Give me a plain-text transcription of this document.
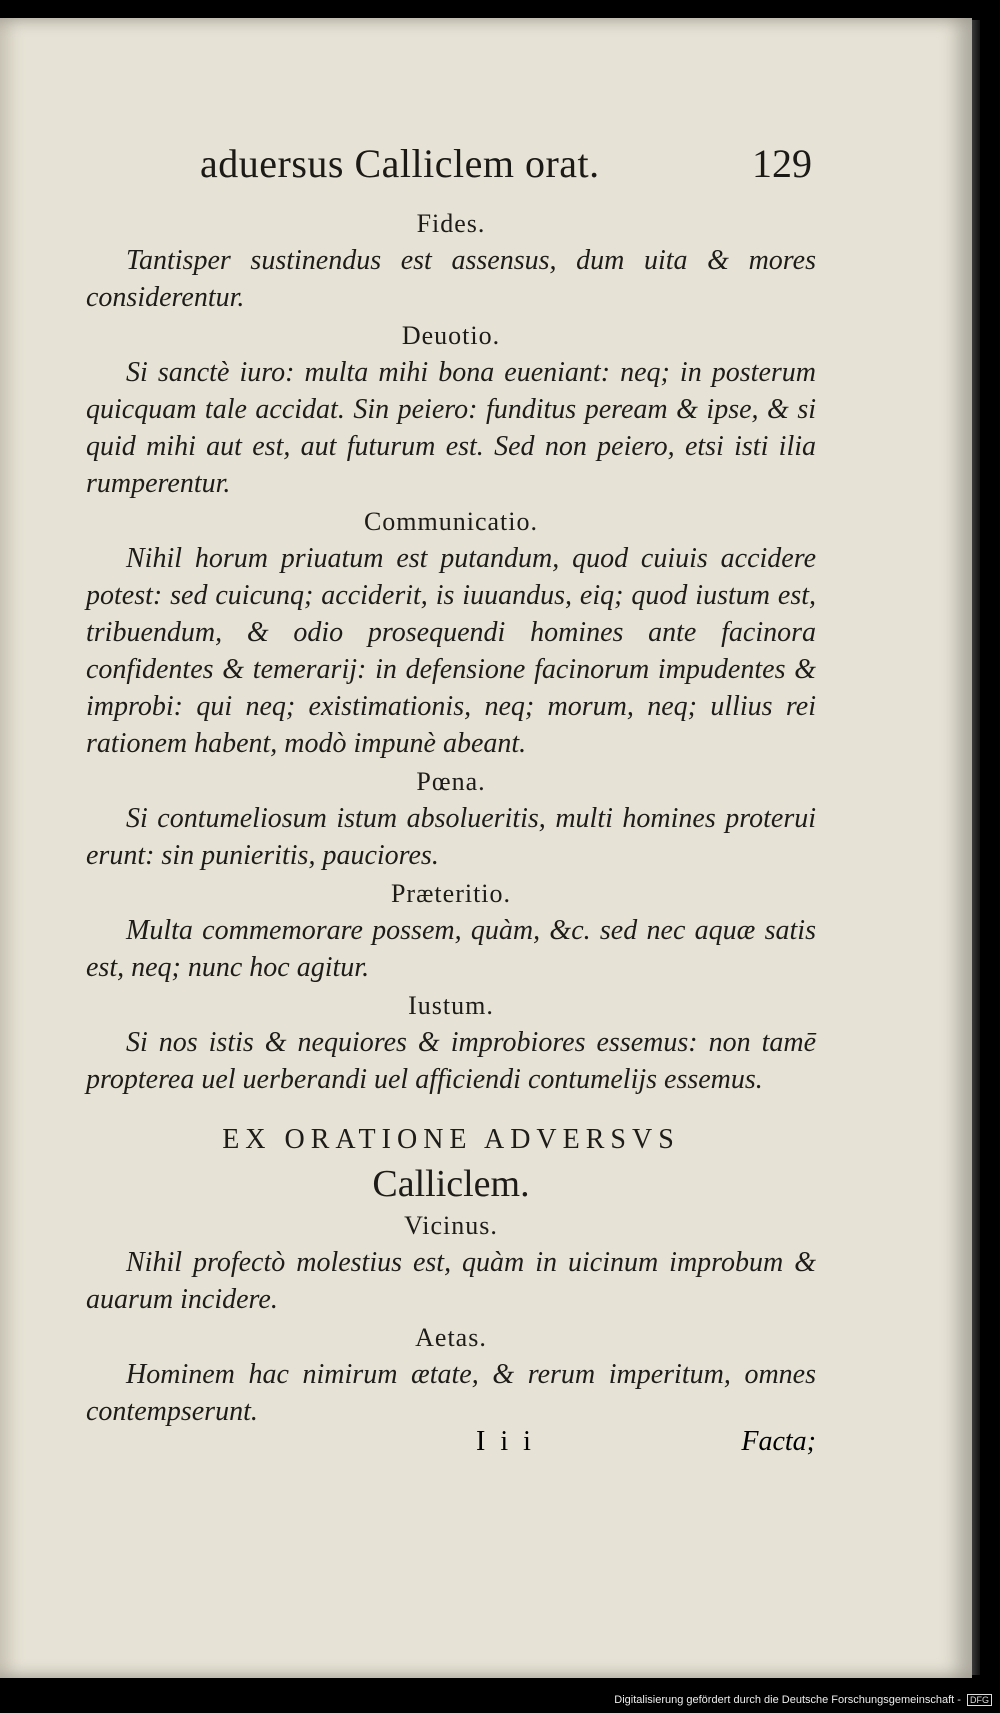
aduersus Calliclem orat.	129

Fides.

Tantisper sustinendus est assensus, dum uita & mores considerentur.

Deuotio.

Si sanctè iuro: multa mihi bona eueniant: neq; in posterum quicquam tale accidat. Sin peiero: funditus peream & ipse, & si quid mihi aut est, aut futurum est. Sed non peiero, etsi isti ilia rumperentur.

Communicatio.

Nihil horum priuatum est putandum, quod cuiuis accidere potest: sed cuicunq; acciderit, is iuuandus, eiq; quod iustum est, tribuendum, & odio prosequendi homines ante facinora confidentes & temerarij: in defensione facinorum impudentes & improbi: qui neq; existimationis, neq; morum, neq; ullius rei rationem habent, modò impunè abeant.

Pœna.

Si contumeliosum istum absolueritis, multi homines proterui erunt: sin punieritis, pauciores.

Præteritio.

Multa commemorare possem, quàm, &c. sed nec aquæ satis est, neq; nunc hoc agitur.

Iustum.

Si nos istis & nequiores & improbiores essemus: non tamē propterea uel uerberandi uel afficiendi contumelijs essemus.

EX ORATIONE ADVERSVS

Calliclem.

Vicinus.

Nihil profectò molestius est, quàm in uicinum improbum & auarum incidere.

Aetas.

Hominem hac nimirum ætate, & rerum imperitum, omnes contempserunt.

I i i	Facta;
Digitalisierung gefördert durch die Deutsche Forschungsgemeinschaft - DFG
